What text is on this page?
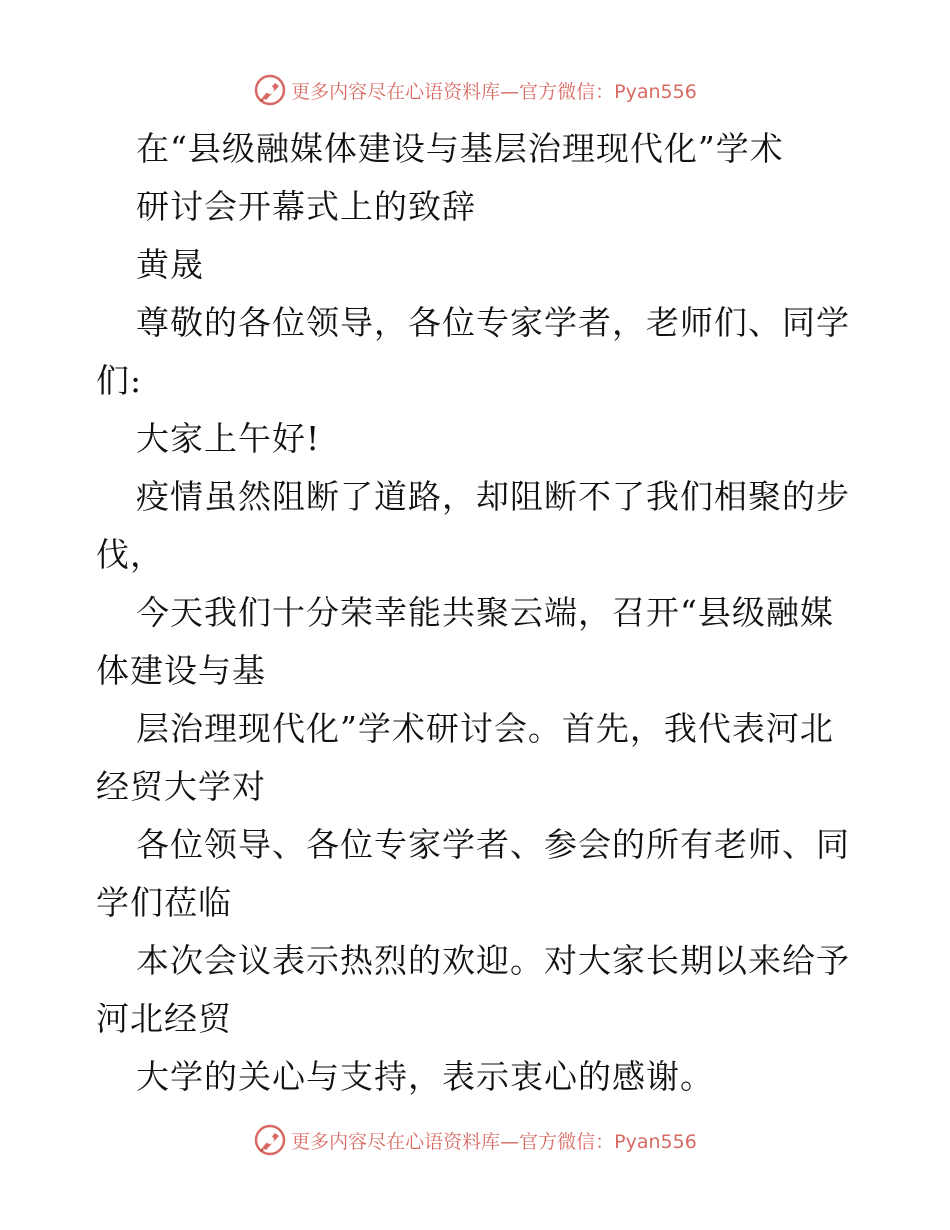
更多内容尽在心语资料库—官方微信：Pyan556
在“县级融媒体建设与基层治理现代化”学术
研讨会开幕式上的致辞
黄晟
尊敬的各位领导，各位专家学者，老师们、同学
们:
大家上午好!
疫情虽然阻断了道路，却阻断不了我们相聚的步
伐，
今天我们十分荣幸能共聚云端，召开“县级融媒
体建设与基
层治理现代化”学术研讨会。首先，我代表河北
经贸大学对
各位领导、各位专家学者、参会的所有老师、同
学们莅临
本次会议表示热烈的欢迎。对大家长期以来给予
河北经贸
大学的关心与支持，表示衷心的感谢。
更多内容尽在心语资料库—官方微信：Pyan556
